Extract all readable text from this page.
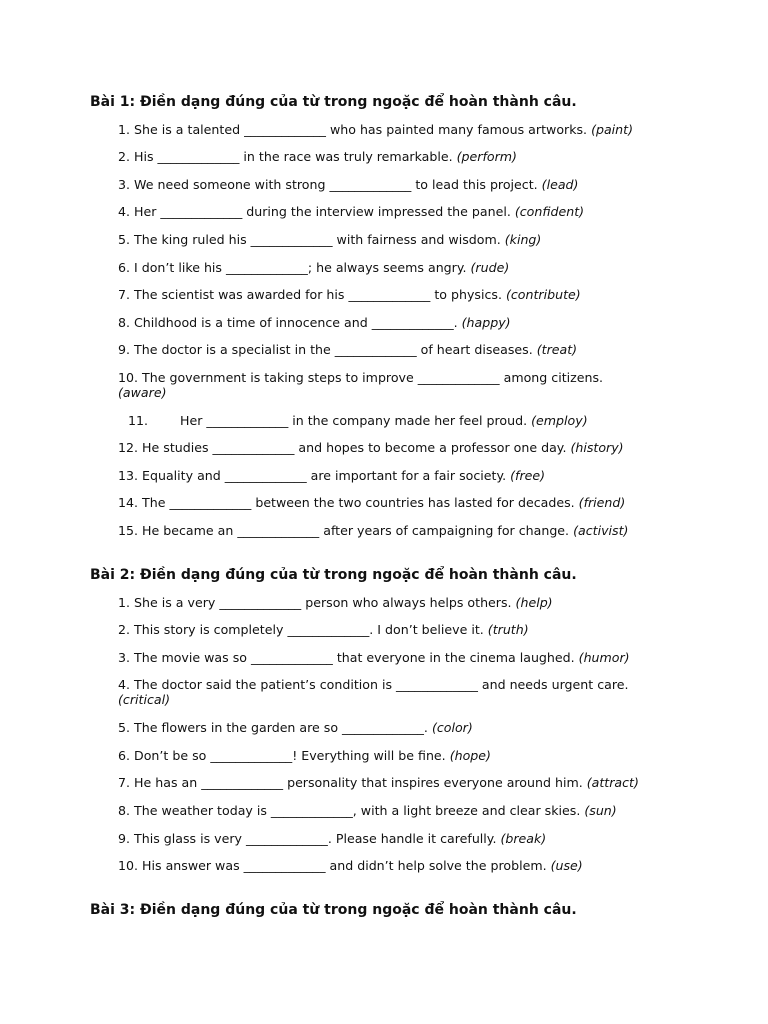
Bài 1: Điền dạng đúng của từ trong ngoặc để hoàn thành câu.
1. She is a talented _____________ who has painted many famous artworks. (paint)
2. His _____________ in the race was truly remarkable. (perform)
3. We need someone with strong _____________ to lead this project. (lead)
4. Her _____________ during the interview impressed the panel. (confident)
5. The king ruled his _____________ with fairness and wisdom. (king)
6. I don’t like his _____________; he always seems angry. (rude)
7. The scientist was awarded for his _____________ to physics. (contribute)
8. Childhood is a time of innocence and _____________. (happy)
9. The doctor is a specialist in the _____________ of heart diseases. (treat)
10. The government is taking steps to improve _____________ among citizens. (aware)
11.	Her _____________ in the company made her feel proud. (employ)
12. He studies _____________ and hopes to become a professor one day. (history)
13. Equality and _____________ are important for a fair society. (free)
14. The _____________ between the two countries has lasted for decades. (friend)
15. He became an _____________ after years of campaigning for change. (activist)
Bài 2: Điền dạng đúng của từ trong ngoặc để hoàn thành câu.
1. She is a very _____________ person who always helps others. (help)
2. This story is completely _____________. I don’t believe it. (truth)
3. The movie was so _____________ that everyone in the cinema laughed. (humor)
4. The doctor said the patient’s condition is _____________ and needs urgent care. (critical)
5. The flowers in the garden are so _____________. (color)
6. Don’t be so _____________! Everything will be fine. (hope)
7. He has an _____________ personality that inspires everyone around him. (attract)
8. The weather today is _____________, with a light breeze and clear skies. (sun)
9. This glass is very _____________. Please handle it carefully. (break)
10. His answer was _____________ and didn’t help solve the problem. (use)
Bài 3: Điền dạng đúng của từ trong ngoặc để hoàn thành câu.
